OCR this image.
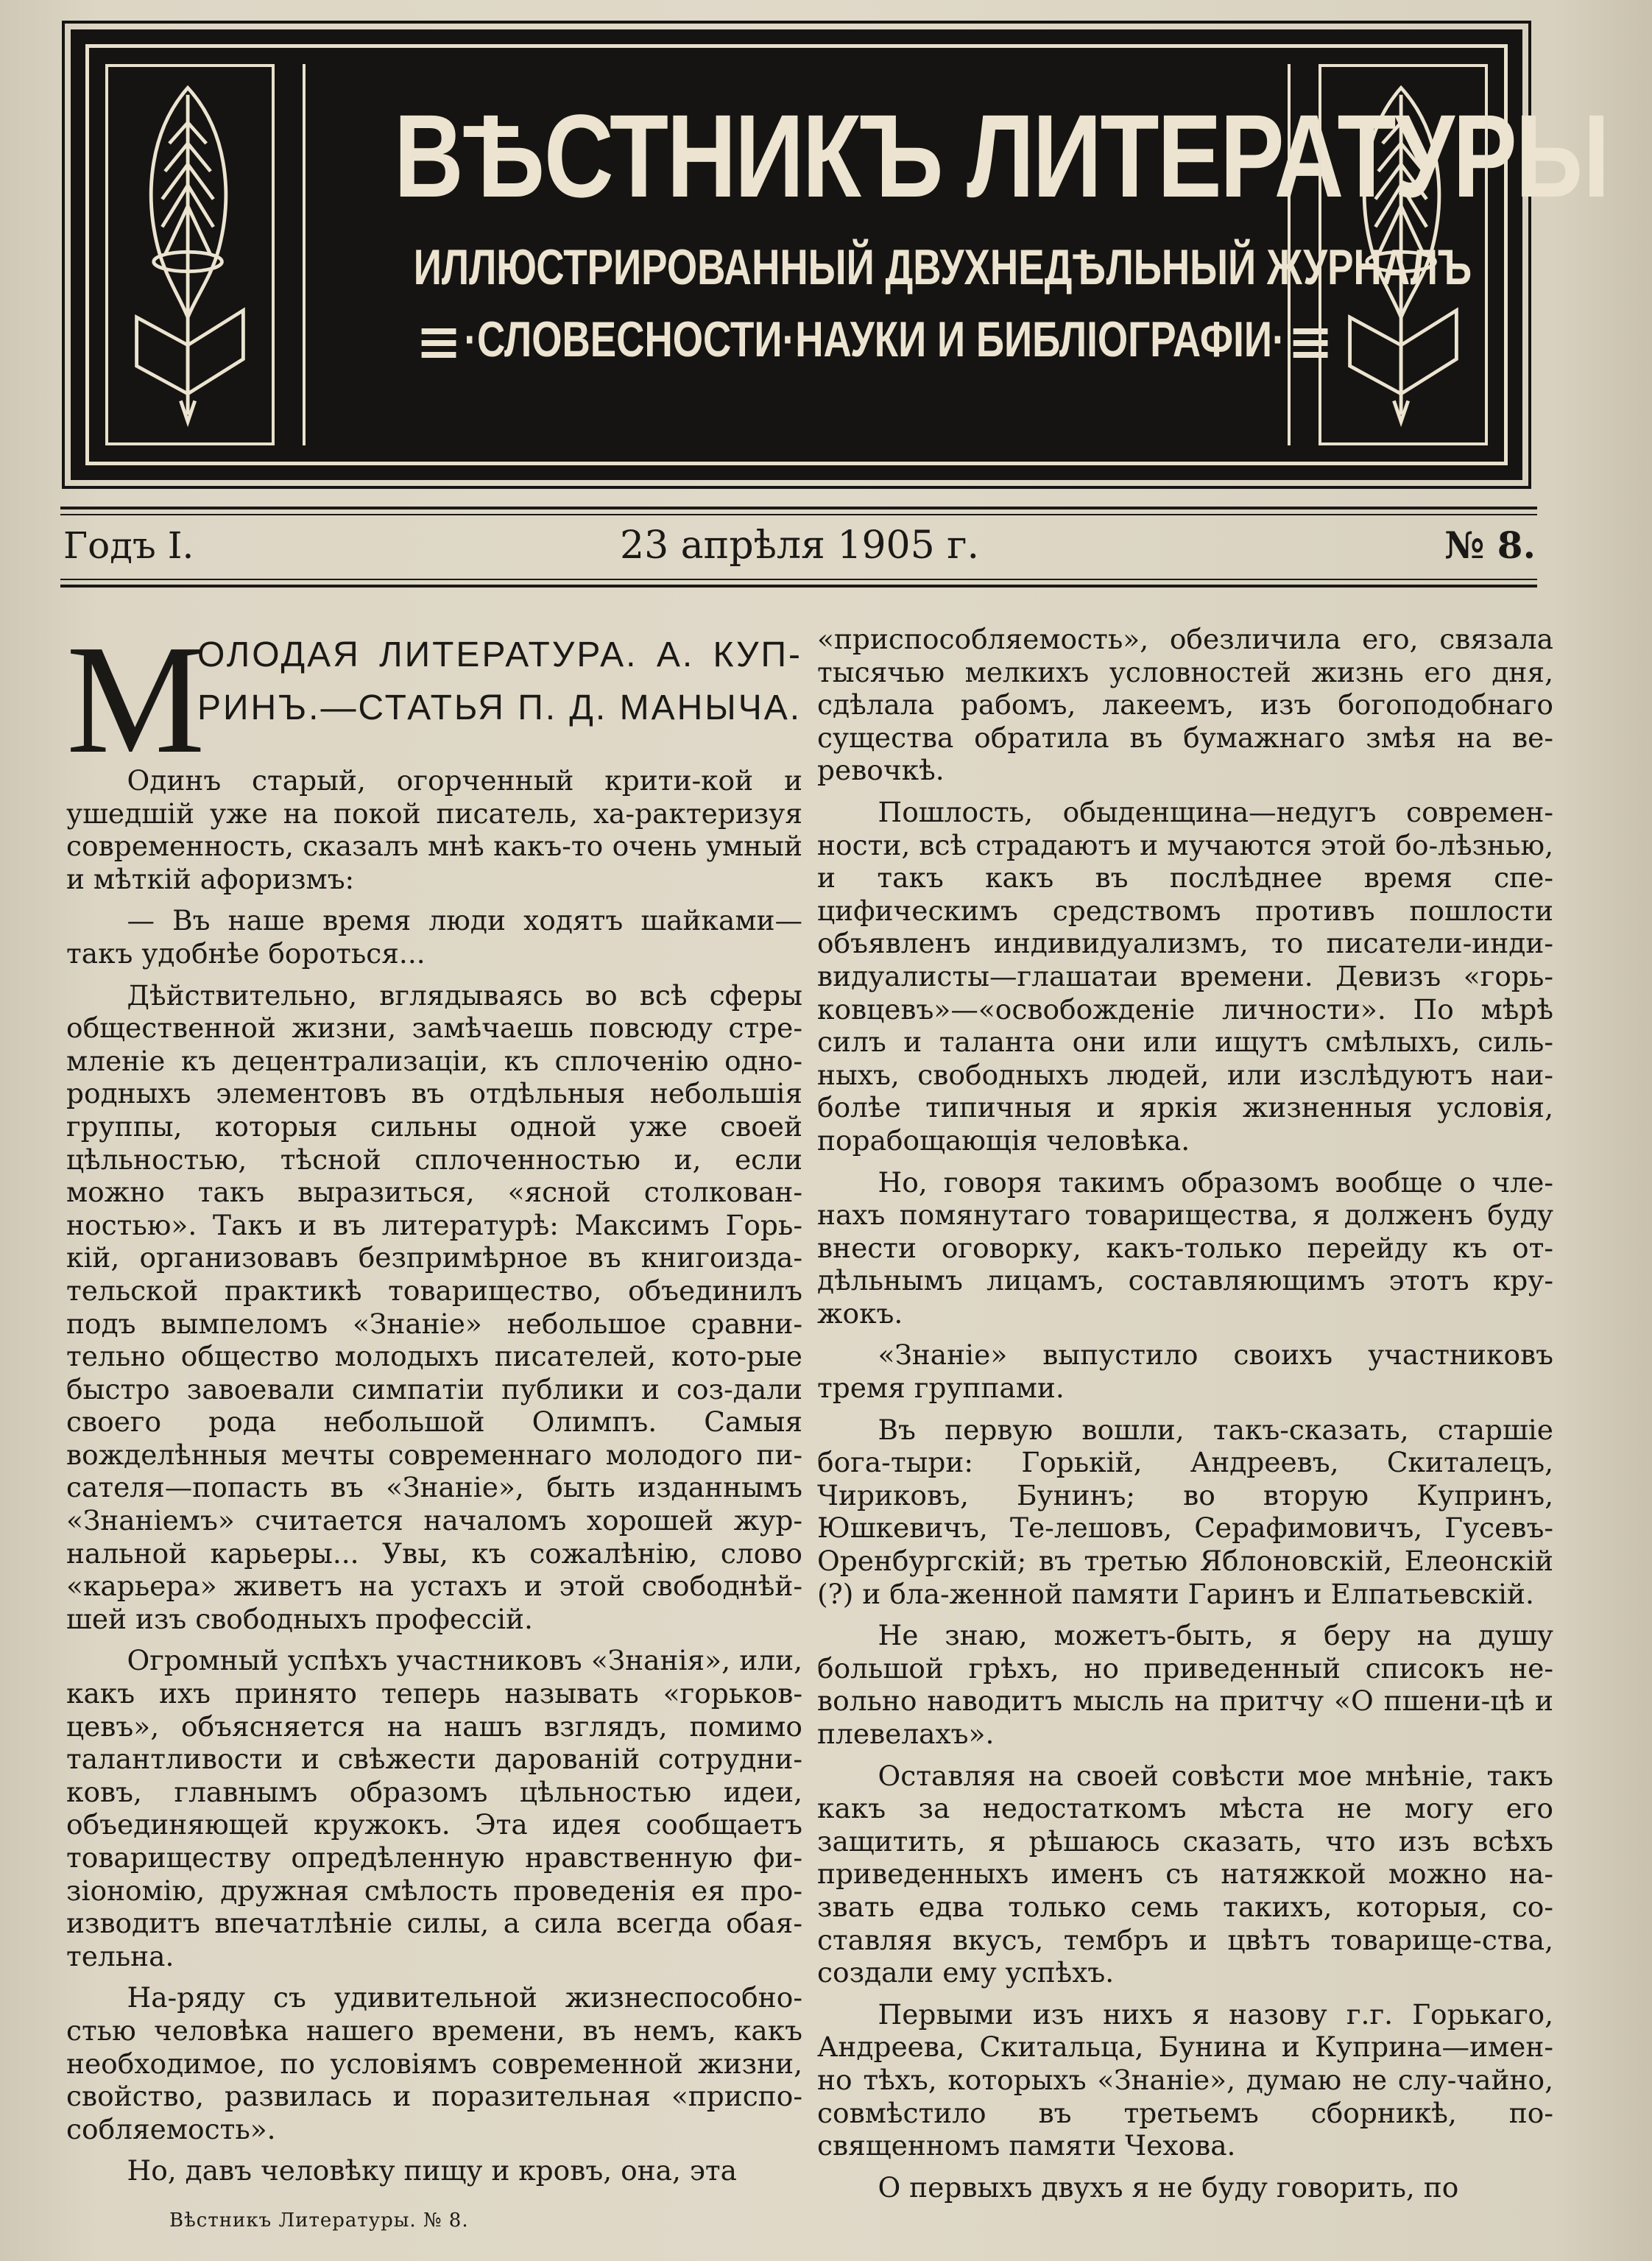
ВѢСТНИКЪ ЛИТЕРАТУРЫ
ИЛЛЮСТРИРОВАННЫЙ ДВУХНЕДѢЛЬНЫЙ ЖУРНАЛЪ
·СЛОВЕСНОСТИ·НАУКИ И БИБЛІОГРАФІИ·
Годъ I.	23 апрѣля 1905 г.	№ 8.
М
ОЛОДАЯ ЛИТЕРАТУРА. А. КУП-РИНЪ.—СТАТЬЯ П. Д. МАНЫЧА.

Одинъ старый, огорченный крити-кой и ушедшій уже на покой писатель, ха-рактеризуя современность, сказалъ мнѣ какъ-то очень умный и мѣткій афоризмъ:

— Въ наше время люди ходятъ шайками— такъ удобнѣе бороться...

Дѣйствительно, вглядываясь во всѣ сферы общественной жизни, замѣчаешь повсюду стре-мленіе къ децентрализаціи, къ сплоченію одно-родныхъ элементовъ въ отдѣльныя небольшія группы, которыя сильны одной уже своей цѣльностью, тѣсной сплоченностью и, если можно такъ выразиться, «ясной столкован-ностью». Такъ и въ литературѣ: Максимъ Горь-кій, организовавъ безпримѣрное въ книгоизда-тельской практикѣ товарищество, объединилъ подъ вымпеломъ «Знаніе» небольшое сравни-тельно общество молодыхъ писателей, кото-рые быстро завоевали симпатіи публики и соз-дали своего рода небольшой Олимпъ. Самыя вожделѣнныя мечты современнаго молодого пи-сателя—попасть въ «Знаніе», быть изданнымъ «Знаніемъ» считается началомъ хорошей жур-нальной карьеры... Увы, къ сожалѣнію, слово «карьера» живетъ на устахъ и этой свободнѣй-шей изъ свободныхъ профессій.

Огромный успѣхъ участниковъ «Знанія», или, какъ ихъ принято теперь называть «горьков-цевъ», объясняется на нашъ взглядъ, помимо талантливости и свѣжести дарованій сотрудни-ковъ, главнымъ образомъ цѣльностью идеи, объединяющей кружокъ. Эта идея сообщаетъ товариществу опредѣленную нравственную фи-зіономію, дружная смѣлость проведенія ея про-изводитъ впечатлѣніе силы, а сила всегда обая-тельна.

На-ряду съ удивительной жизнеспособно-стью человѣка нашего времени, въ немъ, какъ необходимое, по условіямъ современной жизни, свойство, развилась и поразительная «приспо-собляемость».

Но, давъ человѣку пищу и кровъ, она, эта

«приспособляемость», обезличила его, связала тысячью мелкихъ условностей жизнь его дня, сдѣлала рабомъ, лакеемъ, изъ богоподобнаго существа обратила въ бумажнаго змѣя на ве-ревочкѣ.

Пошлость, обыденщина—недугъ современ-ности, всѣ страдаютъ и мучаются этой бо-лѣзнью, и такъ какъ въ послѣднее время спе-цифическимъ средствомъ противъ пошлости объявленъ индивидуализмъ, то писатели-инди-видуалисты—глашатаи времени. Девизъ «горь-ковцевъ»—«освобожденіе личности». По мѣрѣ силъ и таланта они или ищутъ смѣлыхъ, силь-ныхъ, свободныхъ людей, или изслѣдуютъ наи-болѣе типичныя и яркія жизненныя условія, порабощающія человѣка.

Но, говоря такимъ образомъ вообще о чле-нахъ помянутаго товарищества, я долженъ буду внести оговорку, какъ-только перейду къ от-дѣльнымъ лицамъ, составляющимъ этотъ кру-жокъ.

«Знаніе» выпустило своихъ участниковъ тремя группами.

Въ первую вошли, такъ-сказать, старшіе бога-тыри: Горькій, Андреевъ, Скиталецъ, Чириковъ, Бунинъ; во вторую Купринъ, Юшкевичъ, Те-лешовъ, Серафимовичъ, Гусевъ-Оренбургскій; въ третью Яблоновскій, Елеонскій (?) и бла-женной памяти Гаринъ и Елпатьевскій.

Не знаю, можетъ-быть, я беру на душу большой грѣхъ, но приведенный списокъ не-вольно наводитъ мысль на притчу «О пшени-цѣ и плевелахъ».

Оставляя на своей совѣсти мое мнѣніе, такъ какъ за недостаткомъ мѣста не могу его защитить, я рѣшаюсь сказать, что изъ всѣхъ приведенныхъ именъ съ натяжкой можно на-звать едва только семь такихъ, которыя, со-ставляя вкусъ, тембръ и цвѣтъ товарище-ства, создали ему успѣхъ.

Первыми изъ нихъ я назову г.г. Горькаго, Андреева, Скитальца, Бунина и Куприна—имен-но тѣхъ, которыхъ «Знаніе», думаю не слу-чайно, совмѣстило въ третьемъ сборникѣ, по-священномъ памяти Чехова.

О первыхъ двухъ я не буду говорить, по

Вѣстникъ Литературы. № 8.
